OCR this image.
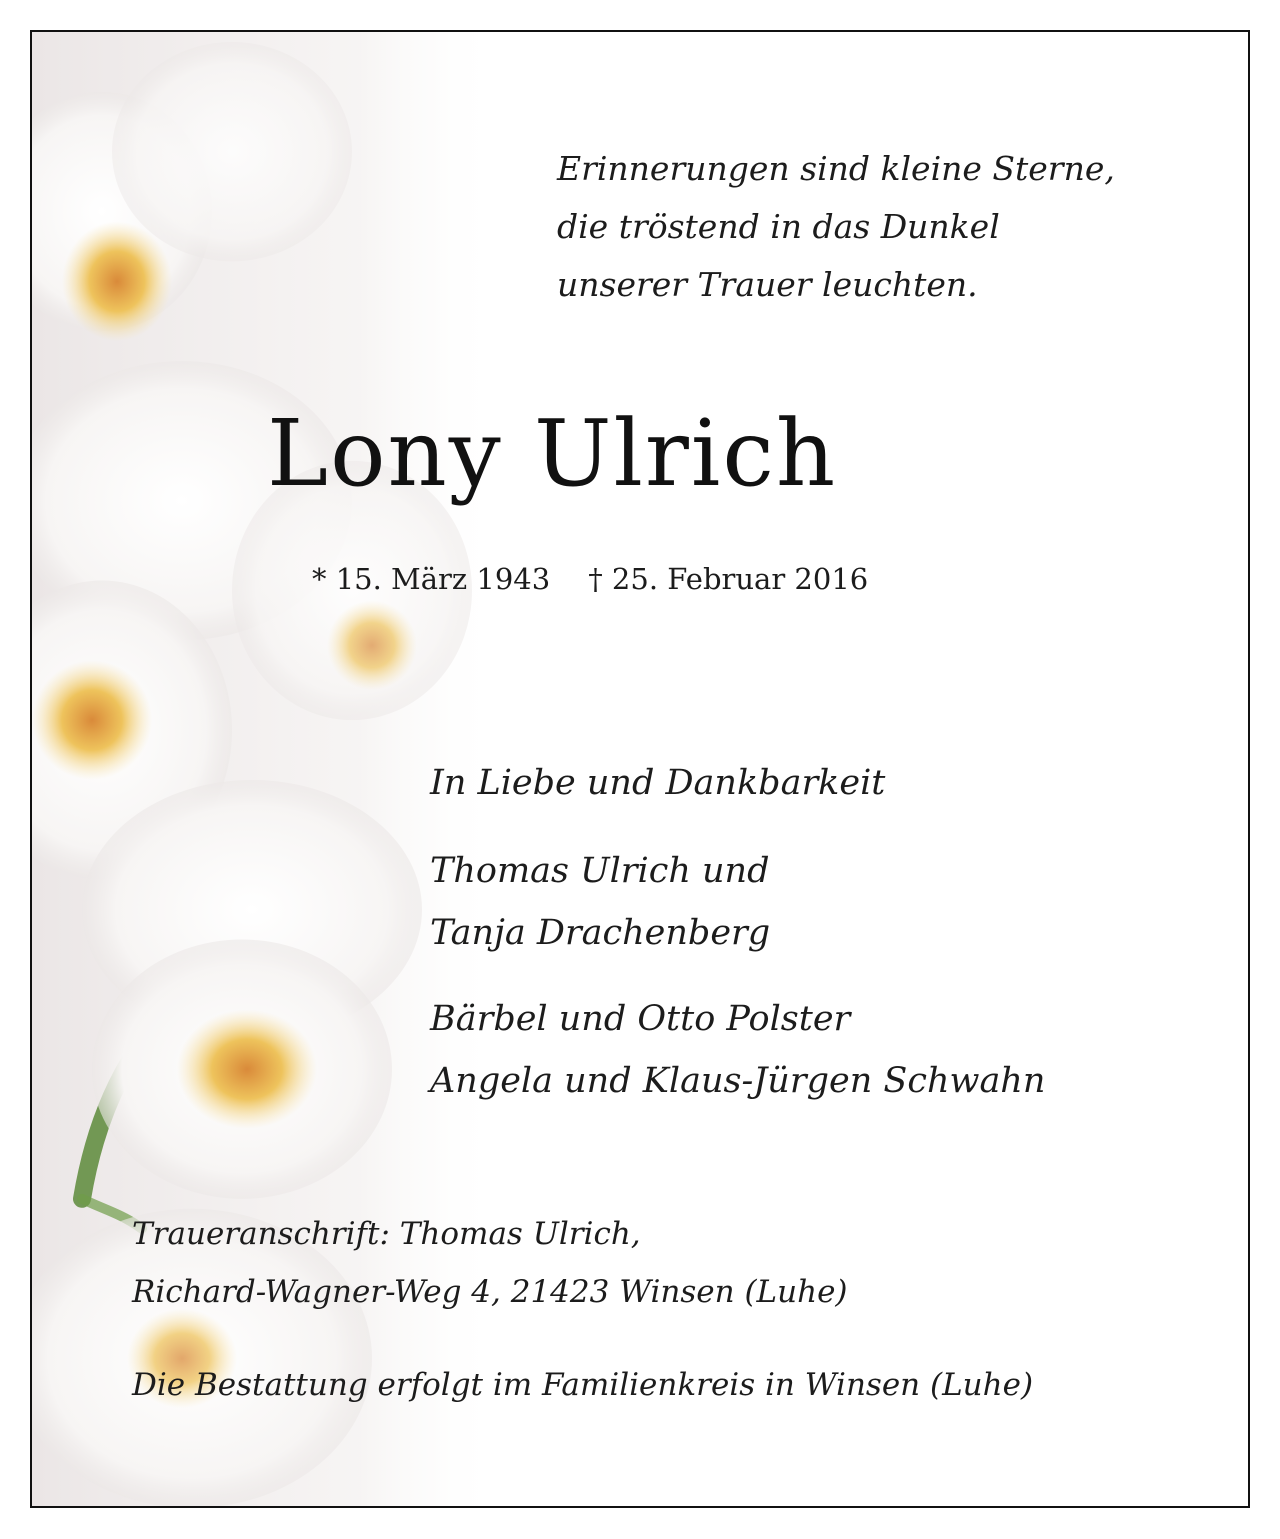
Erinnerungen sind kleine Sterne,
die tröstend in das Dunkel
unserer Trauer leuchten.
Lony Ulrich
* 15. März 1943 † 25. Februar 2016
In Liebe und Dankbarkeit
Thomas Ulrich und
Tanja Drachenberg
Bärbel und Otto Polster
Angela und Klaus-Jürgen Schwahn
Traueranschrift: Thomas Ulrich,
Richard-Wagner-Weg 4, 21423 Winsen (Luhe)
Die Bestattung erfolgt im Familienkreis in Winsen (Luhe)
